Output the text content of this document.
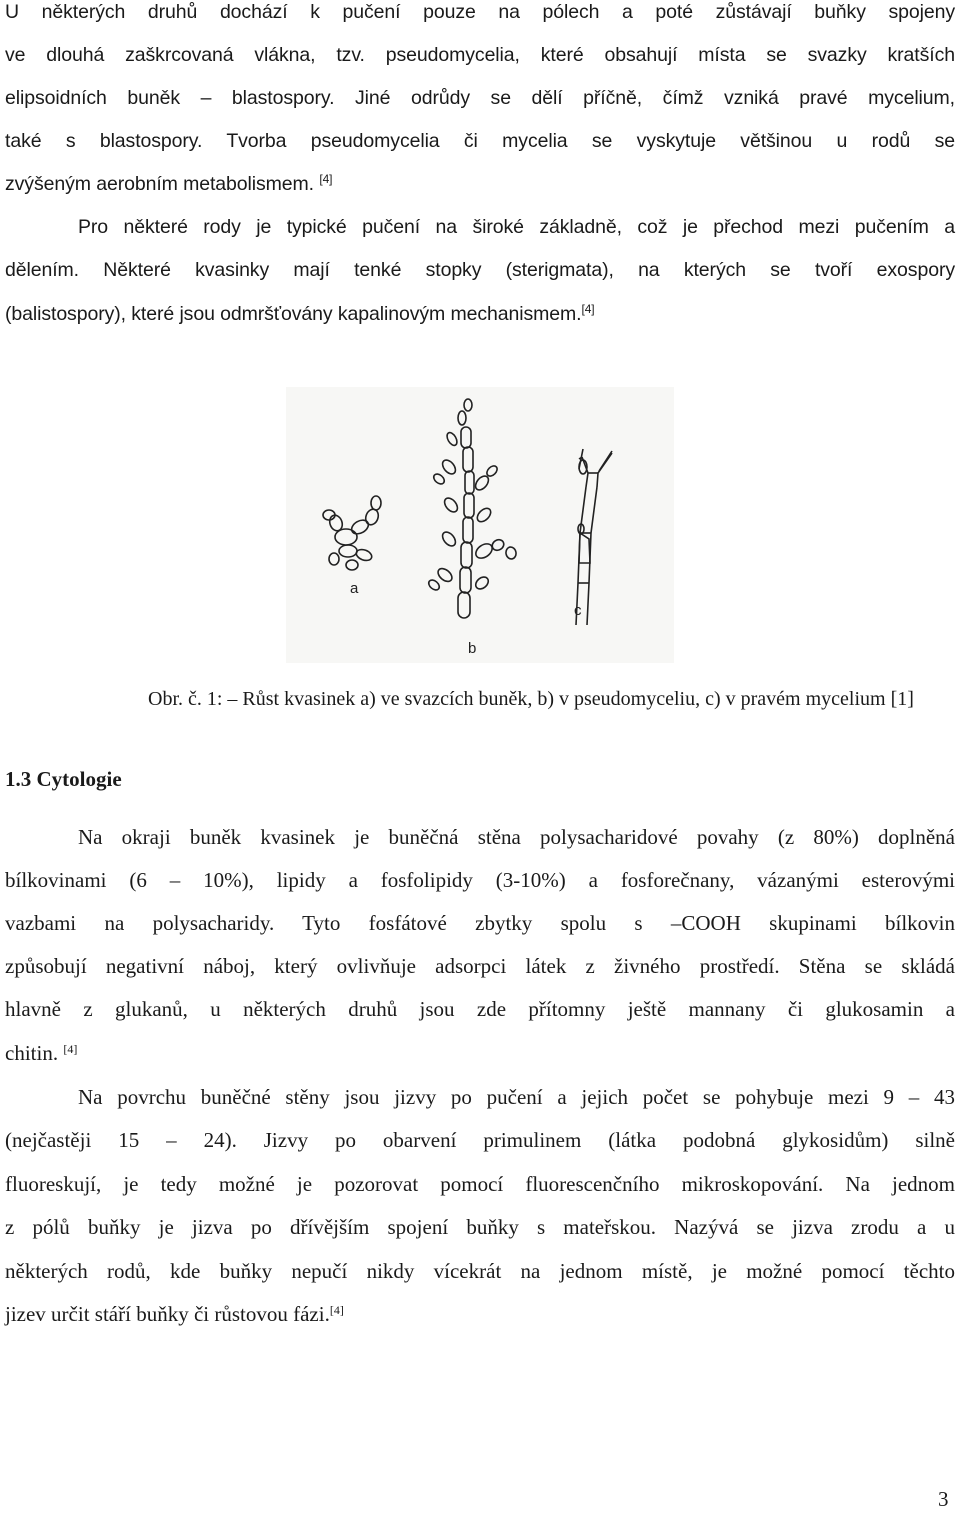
U některých druhů dochází k pučení pouze na pólech a poté zůstávají buňky spojeny
ve dlouhá zaškrcovaná vlákna, tzv. pseudomycelia, které obsahují místa se svazky kratších
elipsoidních buněk – blastospory. Jiné odrůdy se dělí příčně, čímž vzniká pravé mycelium,
také s blastospory. Tvorba pseudomycelia či mycelia se vyskytuje většinou u rodů se
zvýšeným aerobním metabolismem. [4]
Pro některé rody je typické pučení na široké základně, což je přechod mezi pučením a
dělením. Některé kvasinky mají tenké stopky (sterigmata), na kterých se tvoří exospory
(balistospory), které jsou odmršťovány kapalinovým mechanismem.[4]
a
b
c
Obr. č. 1: – Růst kvasinek a) ve svazcích buněk, b) v pseudomyceliu, c) v pravém mycelium [1]
1.3 Cytologie
Na okraji buněk kvasinek je buněčná stěna polysacharidové povahy (z 80%) doplněná
bílkovinami (6 – 10%), lipidy a fosfolipidy (3-10%) a fosforečnany, vázanými esterovými
vazbami na polysacharidy. Tyto fosfátové zbytky spolu s –COOH skupinami bílkovin
způsobují negativní náboj, který ovlivňuje adsorpci látek z živného prostředí. Stěna se skládá
hlavně z glukanů, u některých druhů jsou zde přítomny ještě mannany či glukosamin a
chitin. [4]
Na povrchu buněčné stěny jsou jizvy po pučení a jejich počet se pohybuje mezi 9 – 43
(nejčastěji 15 – 24). Jizvy po obarvení primulinem (látka podobná glykosidům) silně
fluoreskují, je tedy možné je pozorovat pomocí fluorescenčního mikroskopování. Na jednom
z pólů buňky je jizva po dřívějším spojení buňky s mateřskou. Nazývá se jizva zrodu a u
některých rodů, kde buňky nepučí nikdy vícekrát na jednom místě, je možné pomocí těchto
jizev určit stáří buňky či růstovou fázi.[4]
3
